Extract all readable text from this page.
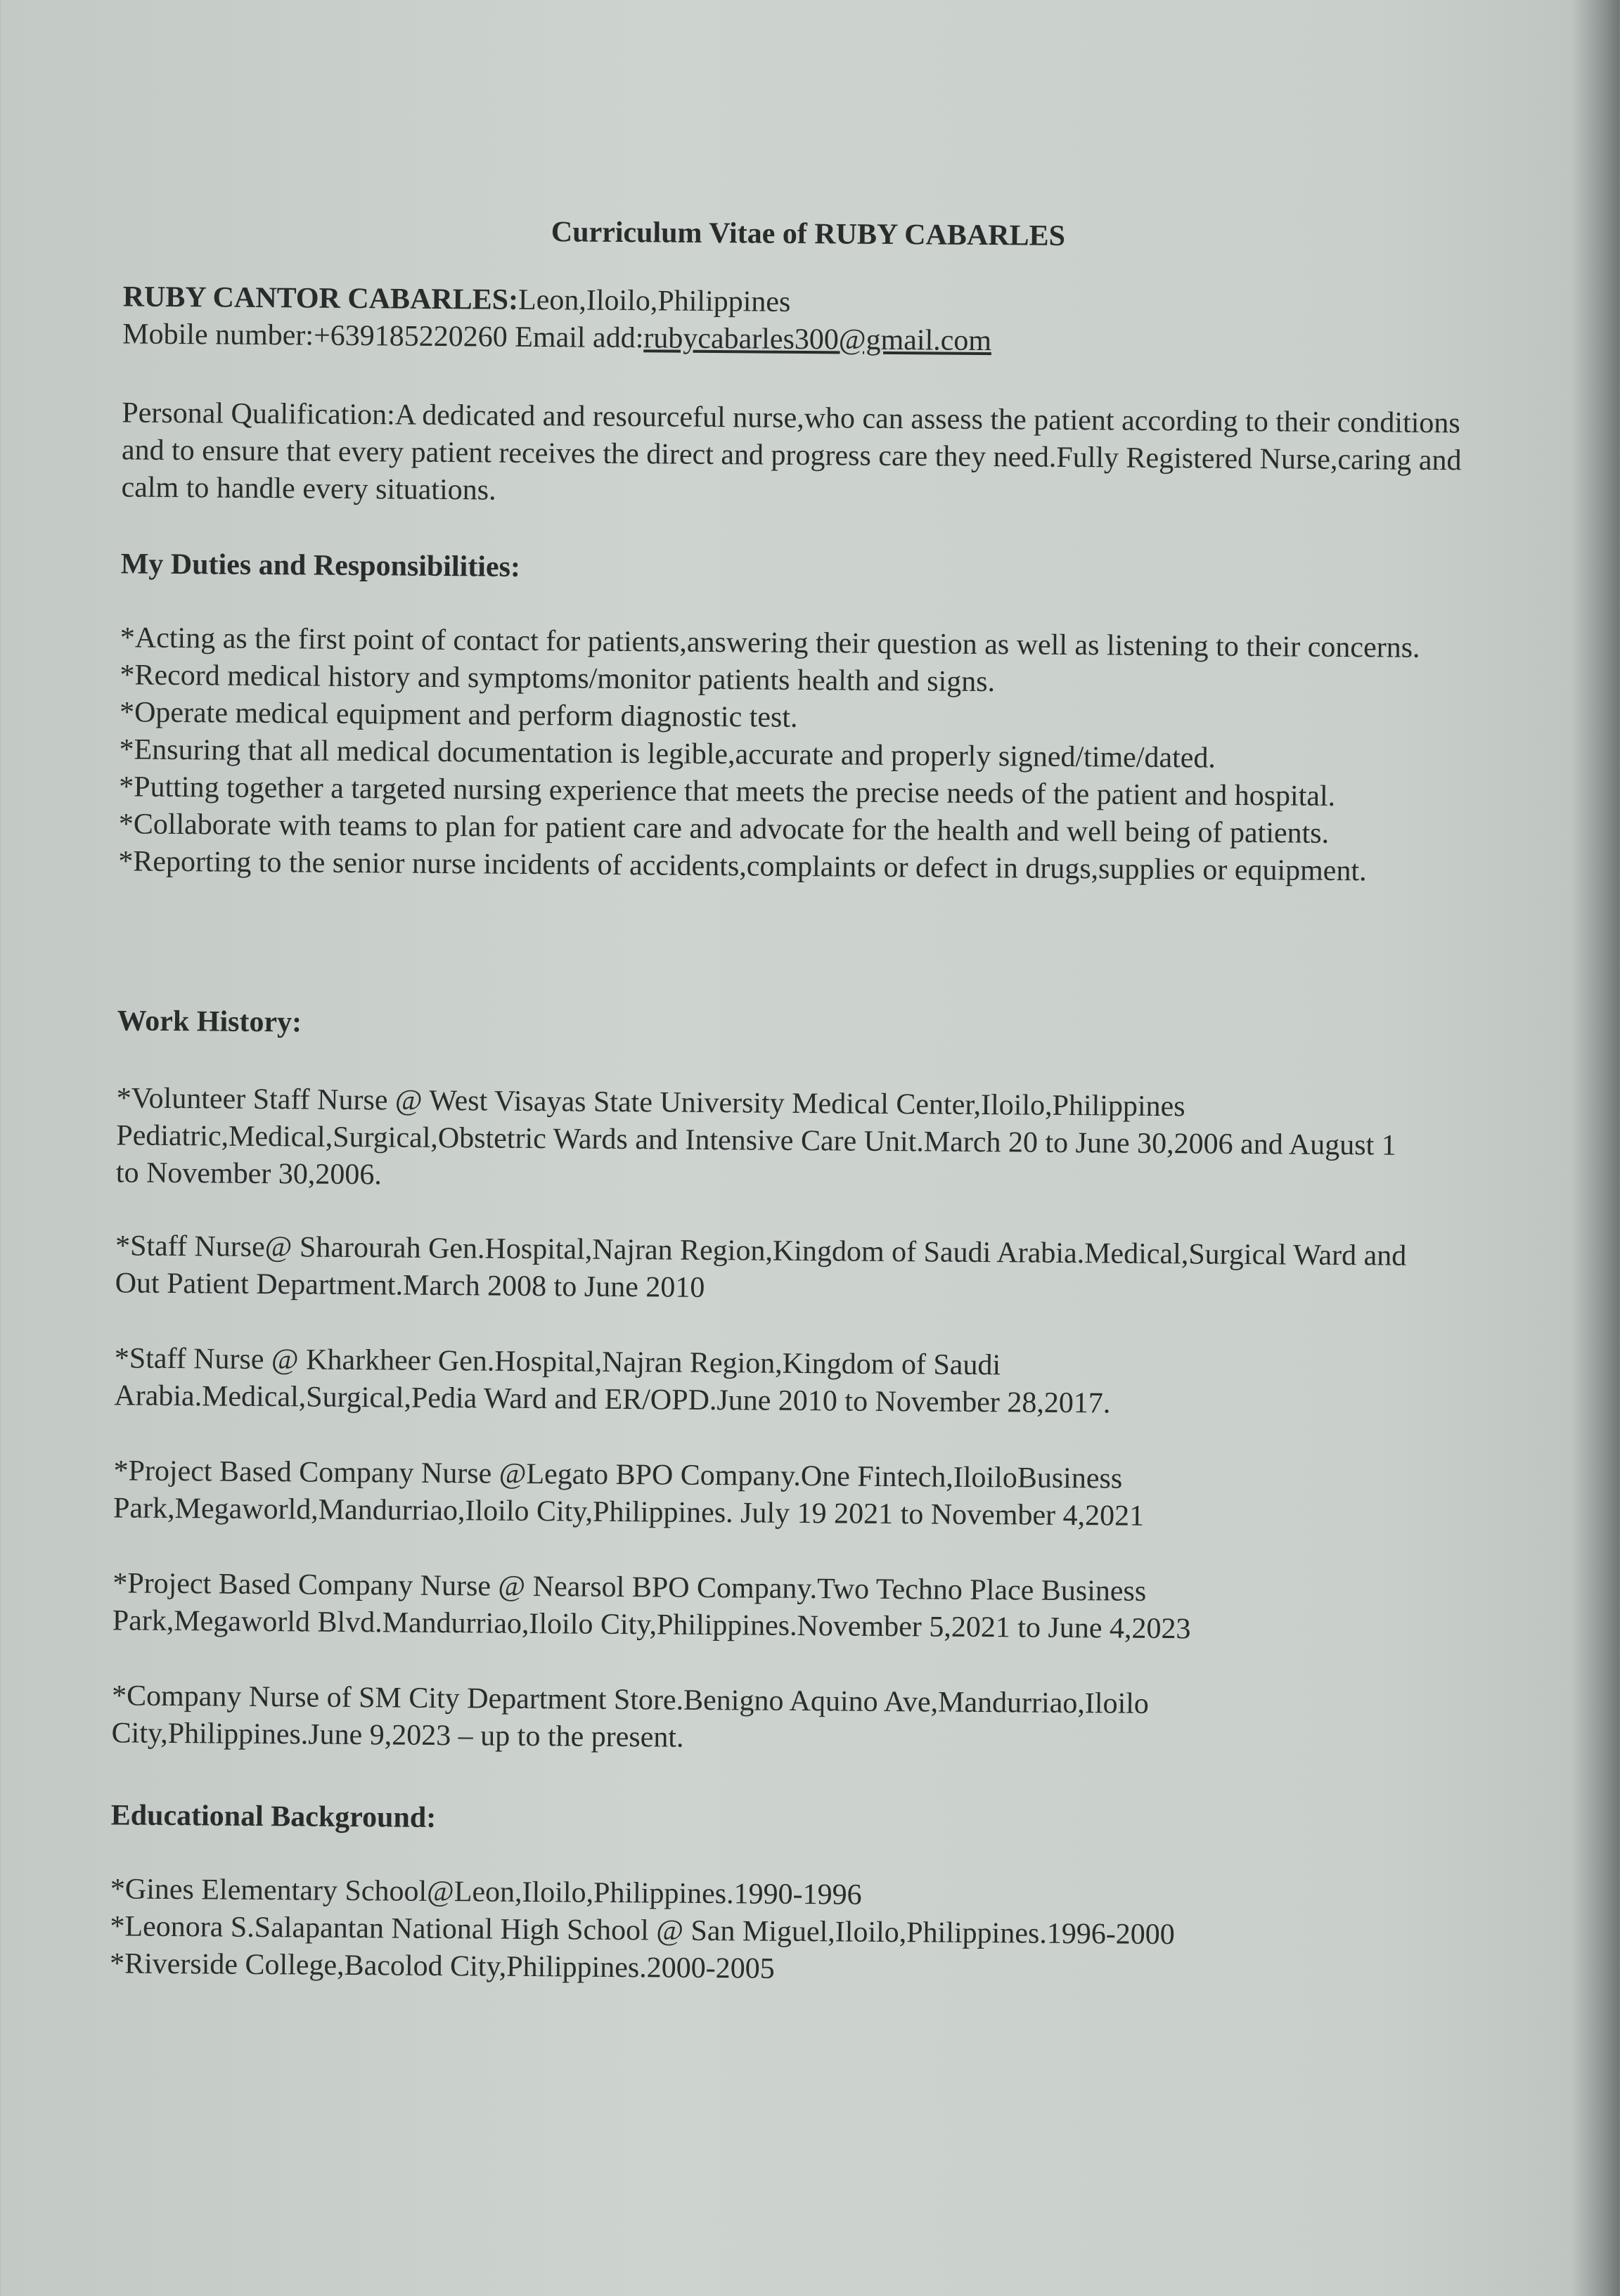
Curriculum Vitae of RUBY CABARLES

RUBY CANTOR CABARLES:Leon,Iloilo,Philippines

Mobile number:+639185220260 Email add:rubycabarles300@gmail.com

Personal Qualification:A dedicated and resourceful nurse,who can assess the patient according to their conditions and to ensure that every patient receives the direct and progress care they need.Fully Registered Nurse,caring and calm to handle every situations.
My Duties and Responsibilities:

*Acting as the first point of contact for patients,answering their question as well as listening to their concerns.

*Record medical history and symptoms/monitor patients health and signs.

*Operate medical equipment and perform diagnostic test.

*Ensuring that all medical documentation is legible,accurate and properly signed/time/dated.

*Putting together a targeted nursing experience that meets the precise needs of the patient and hospital.

*Collaborate with teams to plan for patient care and advocate for the health and well being of patients.

*Reporting to the senior nurse incidents of accidents,complaints or defect in drugs,supplies or equipment.

Work History:
*Volunteer Staff Nurse @ West Visayas State University Medical Center,Iloilo,Philippines Pediatric,Medical,Surgical,Obstetric Wards and Intensive Care Unit.March 20 to June 30,2006 and August 1 to November 30,2006.
*Staff Nurse@ Sharourah Gen.Hospital,Najran Region,Kingdom of Saudi Arabia.Medical,Surgical Ward and Out Patient Department.March 2008 to June 2010
*Staff Nurse @ Kharkheer Gen.Hospital,Najran Region,Kingdom of Saudi Arabia.Medical,Surgical,Pedia Ward and ER/OPD.June 2010 to November 28,2017.
*Project Based Company Nurse @Legato BPO Company.One Fintech,IloiloBusiness Park,Megaworld,Mandurriao,Iloilo City,Philippines. July 19 2021 to November 4,2021
*Project Based Company Nurse @ Nearsol BPO Company.Two Techno Place Business Park,Megaworld Blvd.Mandurriao,Iloilo City,Philippines.November 5,2021 to June 4,2023
*Company Nurse of SM City Department Store.Benigno Aquino Ave,Mandurriao,Iloilo City,Philippines.June 9,2023 – up to the present.
Educational Background:

*Gines Elementary School@Leon,Iloilo,Philippines.1990-1996

*Leonora S.Salapantan National High School @ San Miguel,Iloilo,Philippines.1996-2000

*Riverside College,Bacolod City,Philippines.2000-2005
